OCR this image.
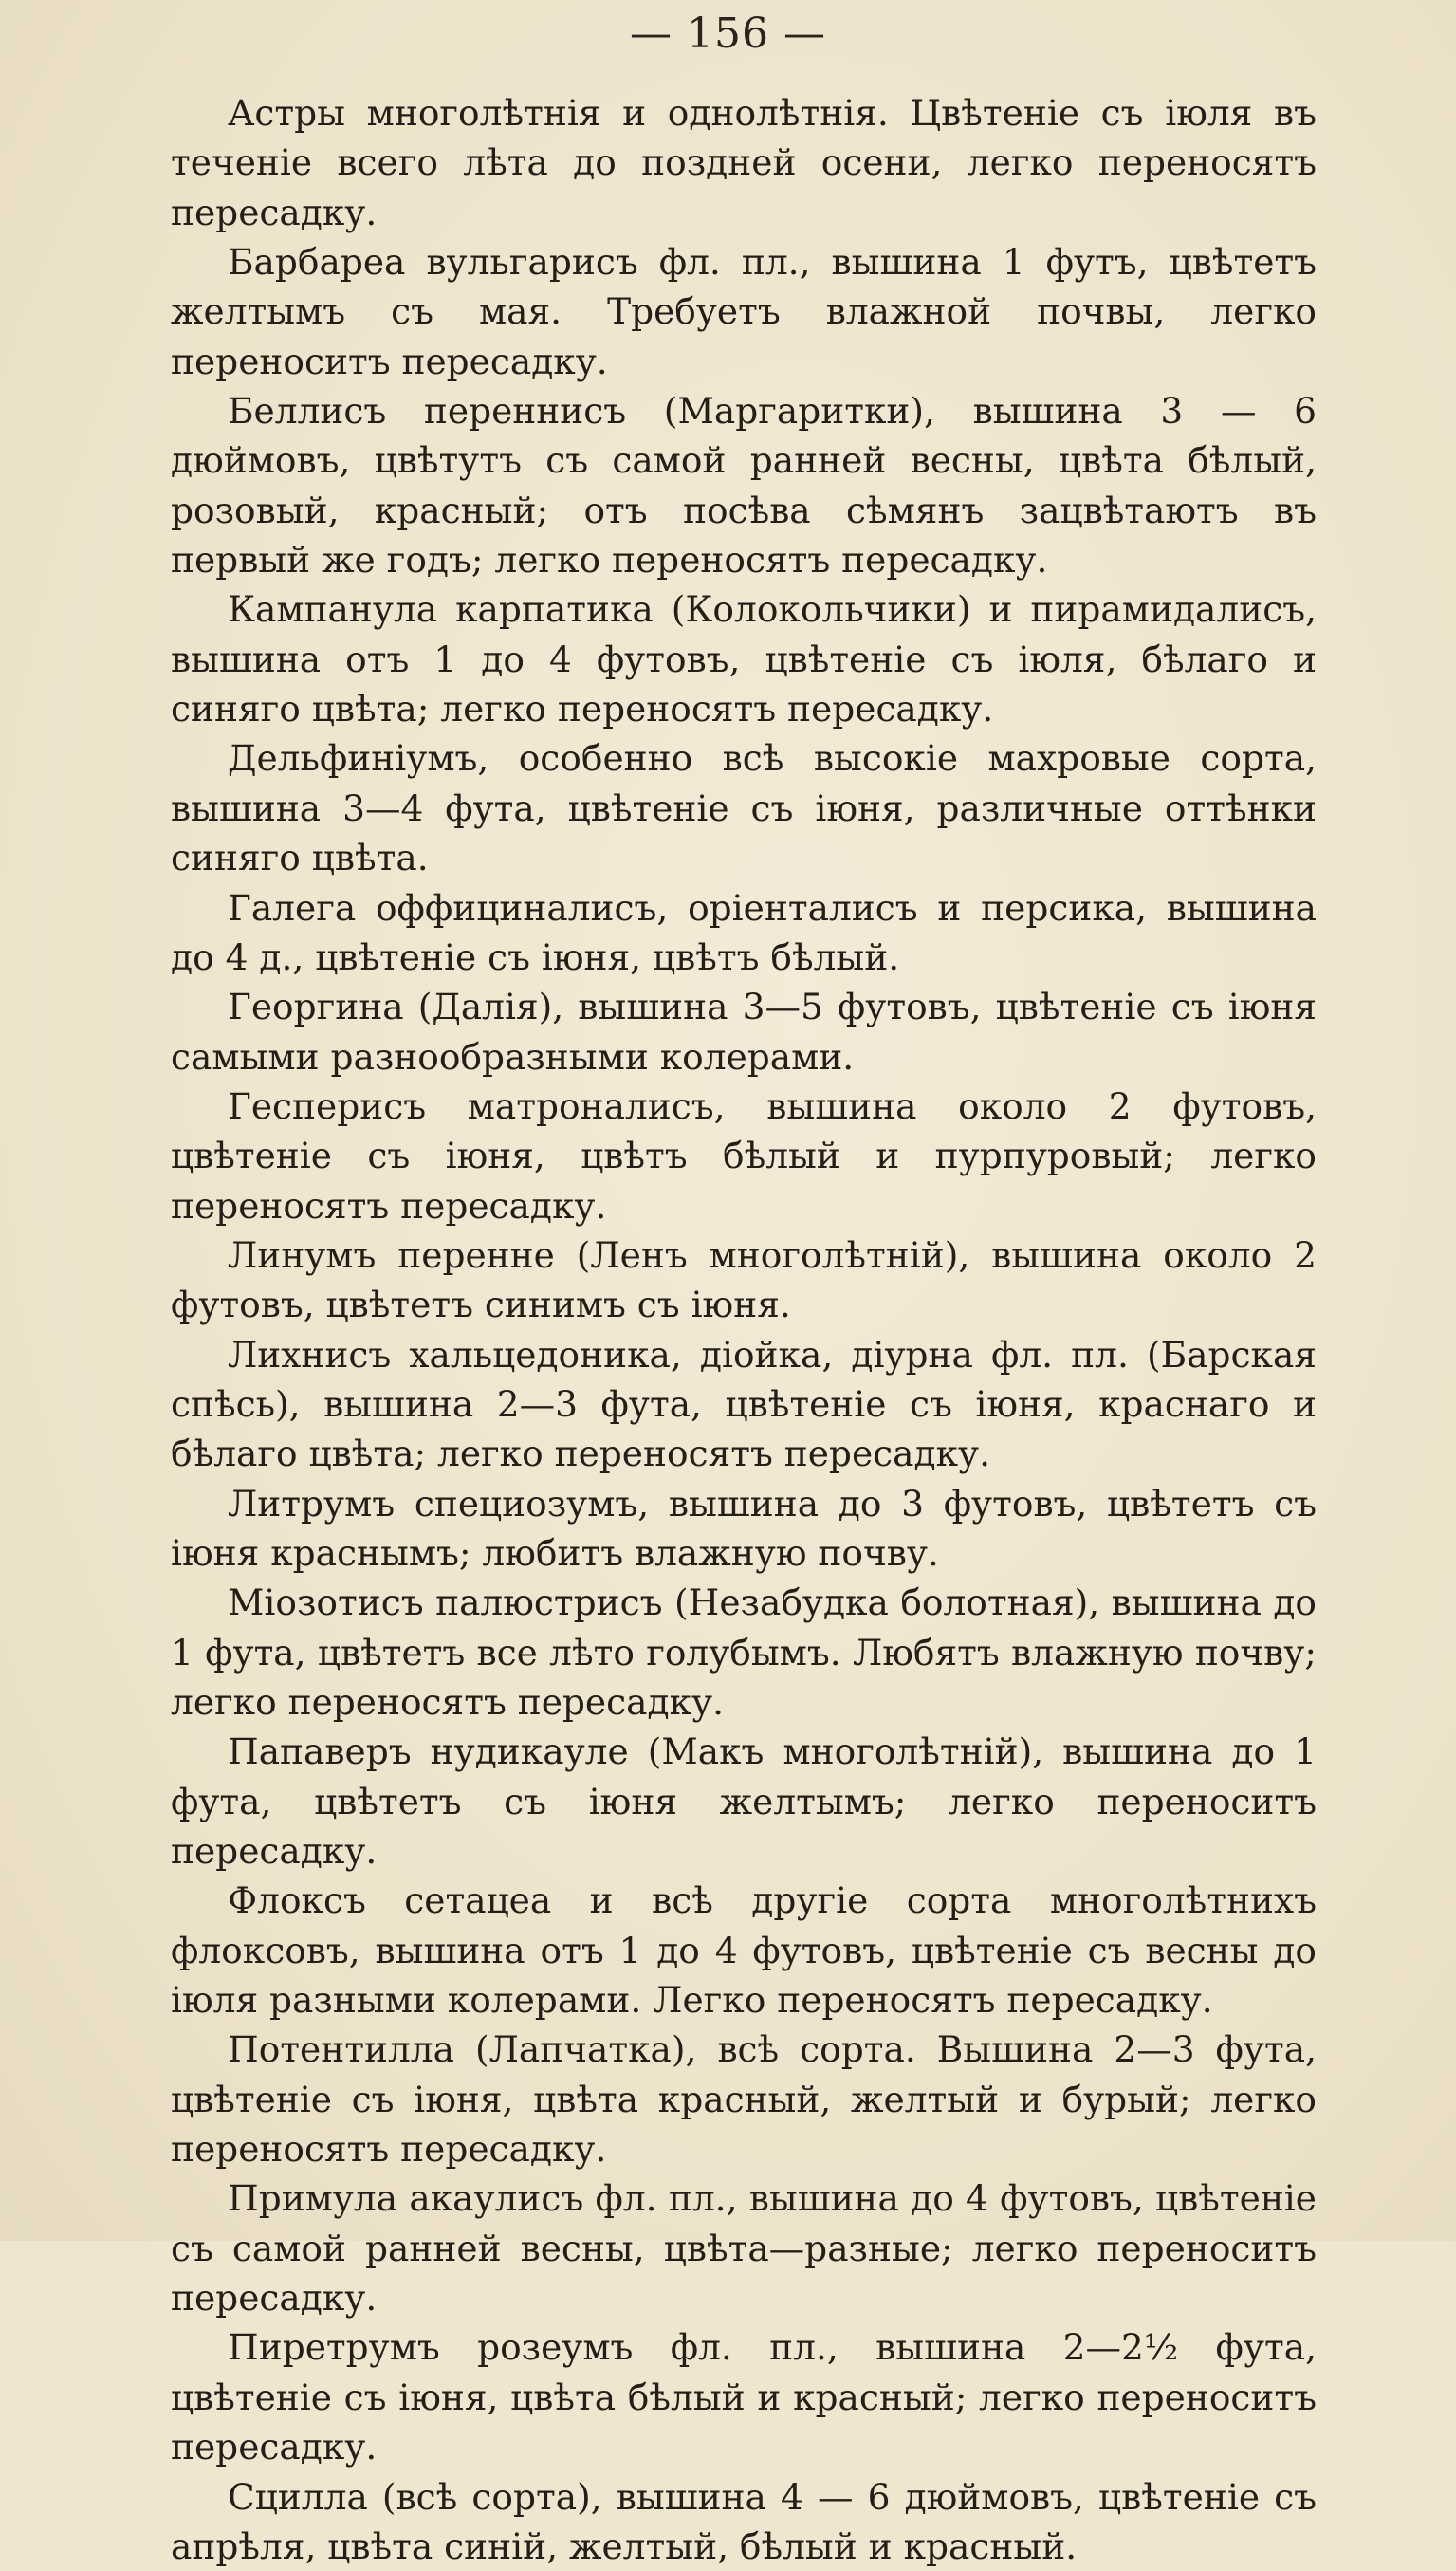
— 156 —

Астры многолѣтнія и однолѣтнія. Цвѣтеніе съ іюля въ теченіе всего лѣта до поздней осени, легко переносятъ пересадку.

Барбареа вульгарисъ фл. пл., вышина 1 футъ, цвѣтетъ желтымъ съ мая. Требуетъ влажной почвы, легко переноситъ пересадку.

Беллисъ переннисъ (Маргаритки), вышина 3 — 6 дюймовъ, цвѣтутъ съ самой ранней весны, цвѣта бѣлый, розовый, красный; отъ посѣва сѣмянъ зацвѣтаютъ въ первый же годъ; легко переносятъ пересадку.

Кампанула карпатика (Колокольчики) и пирамидалисъ, вышина отъ 1 до 4 футовъ, цвѣтеніе съ іюля, бѣлаго и синяго цвѣта; легко переносятъ пересадку.

Дельфиніумъ, особенно всѣ высокіе махровые сорта, вышина 3—4 фута, цвѣтеніе съ іюня, различные оттѣнки синяго цвѣта.

Галега оффициналисъ, оріенталисъ и персика, вышина до 4 д., цвѣтеніе съ іюня, цвѣтъ бѣлый.

Георгина (Далія), вышина 3—5 футовъ, цвѣтеніе съ іюня самыми разнообразными колерами.

Гесперисъ матроналисъ, вышина около 2 футовъ, цвѣтеніе съ іюня, цвѣтъ бѣлый и пурпуровый; легко переносятъ пересадку.

Линумъ перенне (Ленъ многолѣтній), вышина около 2 футовъ, цвѣтетъ синимъ съ іюня.

Лихнисъ хальцедоника, діойка, діурна фл. пл. (Барская спѣсь), вышина 2—3 фута, цвѣтеніе съ іюня, краснаго и бѣлаго цвѣта; легко переносятъ пересадку.

Литрумъ специозумъ, вышина до 3 футовъ, цвѣтетъ съ іюня краснымъ; любитъ влажную почву.

Міозотисъ палюстрисъ (Незабудка болотная), вышина до 1 фута, цвѣтетъ все лѣто голубымъ. Любятъ влажную почву; легко переносятъ пересадку.

Папаверъ нудикауле (Макъ многолѣтній), вышина до 1 фута, цвѣтетъ съ іюня желтымъ; легко переноситъ пересадку.

Флоксъ сетацеа и всѣ другіе сорта многолѣтнихъ флоксовъ, вышина отъ 1 до 4 футовъ, цвѣтеніе съ весны до іюля разными колерами. Легко переносятъ пересадку.

Потентилла (Лапчатка), всѣ сорта. Вышина 2—3 фута, цвѣтеніе съ іюня, цвѣта красный, желтый и бурый; легко переносятъ пересадку.

Примула акаулисъ фл. пл., вышина до 4 футовъ, цвѣтеніе съ самой ранней весны, цвѣта—разные; легко переноситъ пересадку.

Пиретрумъ розеумъ фл. пл., вышина 2—2½ фута, цвѣтеніе съ іюня, цвѣта бѣлый и красный; легко переноситъ пересадку.

Сцилла (всѣ сорта), вышина 4 — 6 дюймовъ, цвѣтеніе съ апрѣля, цвѣта синій, желтый, бѣлый и красный.
